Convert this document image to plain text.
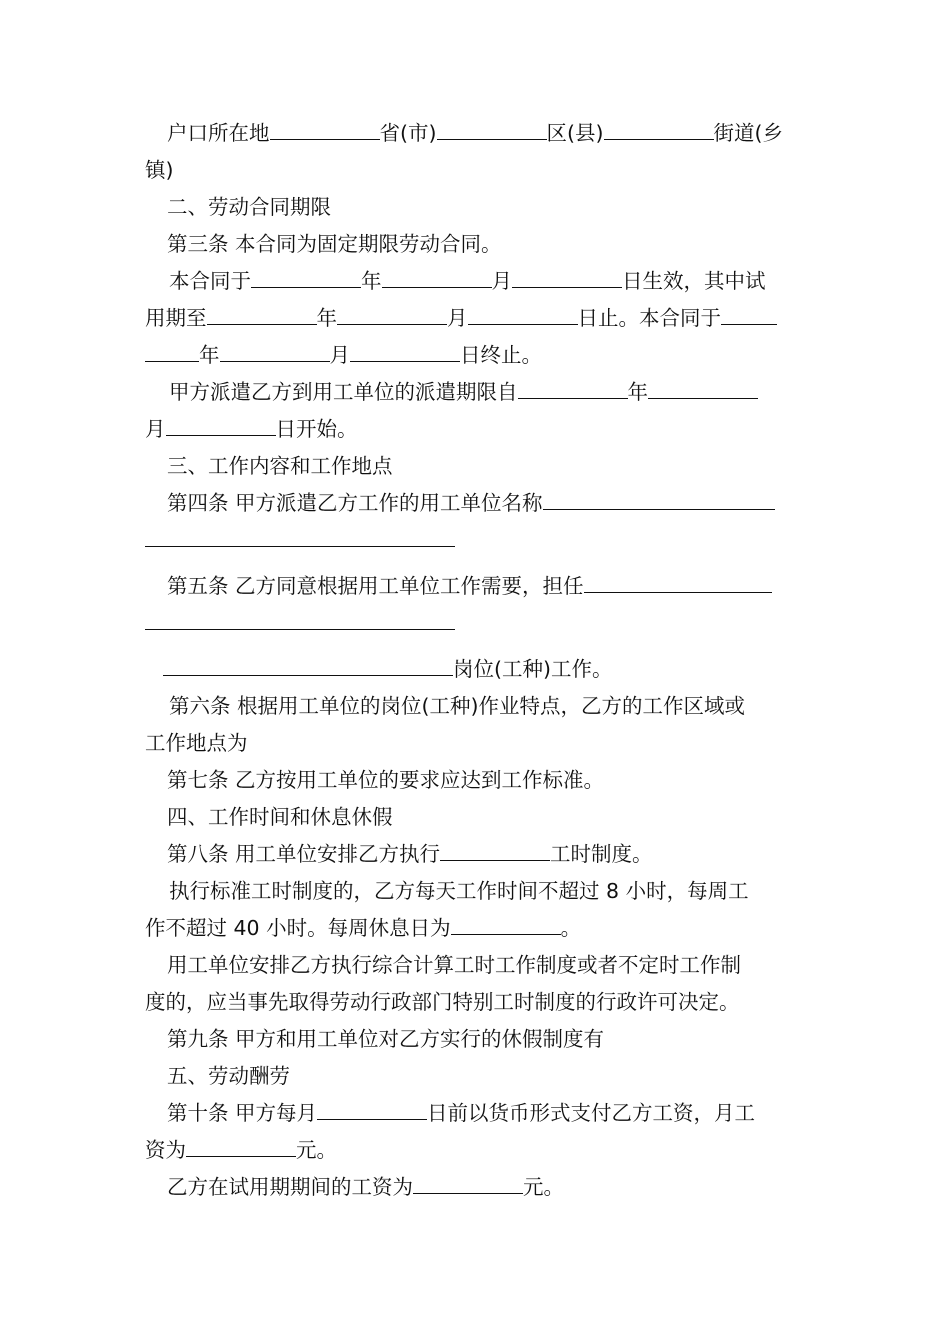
户口所在地	省(市)	区(县)	街道(乡
镇)
二、劳动合同期限
第三条 本合同为固定期限劳动合同。
本合同于	年	月	日生效，其中试
用期至	年	月	日止。本合同于
年	月	日终止。
甲方派遣乙方到用工单位的派遣期限自	年
月	日开始。
三、工作内容和工作地点
第四条 甲方派遣乙方工作的用工单位名称
第五条 乙方同意根据用工单位工作需要，担任
岗位(工种)工作。
第六条 根据用工单位的岗位(工种)作业特点，乙方的工作区域或
工作地点为
第七条 乙方按用工单位的要求应达到工作标准。
四、工作时间和休息休假
第八条 用工单位安排乙方执行	工时制度。
执行标准工时制度的，乙方每天工作时间不超过 8 小时，每周工
作不超过 40 小时。每周休息日为	。
用工单位安排乙方执行综合计算工时工作制度或者不定时工作制
度的，应当事先取得劳动行政部门特别工时制度的行政许可决定。
第九条 甲方和用工单位对乙方实行的休假制度有
五、劳动酬劳
第十条 甲方每月	日前以货币形式支付乙方工资，月工
资为	元。
乙方在试用期期间的工资为	元。
